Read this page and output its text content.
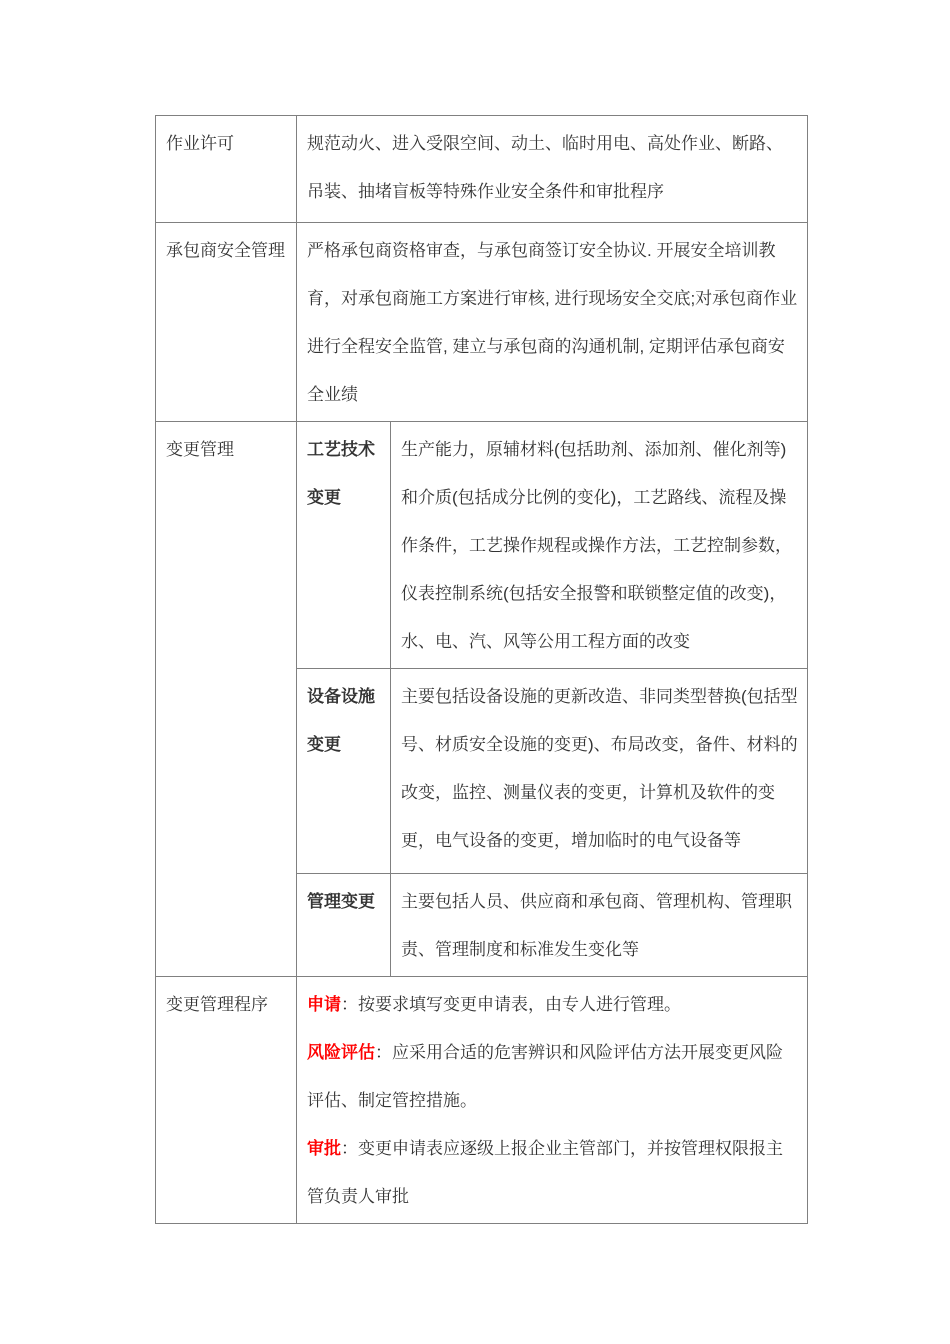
作业许可	规范动火、进入受限空间、动土、临时用电、高处作业、断路、吊装、抽堵盲板等特殊作业安全条件和审批程序	
承包商安全管理	严格承包商资格审查，与承包商签订安全协议. 开展安全培训教育，对承包商施工方案进行审核, 进行现场安全交底;对承包商作业进行全程安全监管, 建立与承包商的沟通机制, 定期评估承包商安全业绩	
变更管理	工艺技术变更	生产能力，原辅材料(包括助剂、添加剂、催化剂等)和介质(包括成分比例的变化)，工艺路线、流程及操作条件，工艺操作规程或操作方法，工艺控制参数，仪表控制系统(包括安全报警和联锁整定值的改变)，水、电、汽、风等公用工程方面的改变
	设备设施变更	主要包括设备设施的更新改造、非同类型替换(包括型号、材质安全设施的变更)、布局改变，备件、材料的改变，监控、测量仪表的变更，计算机及软件的变更，电气设备的变更，增加临时的电气设备等
	管理变更	主要包括人员、供应商和承包商、管理机构、管理职责、管理制度和标准发生变化等
变更管理程序	申请：按要求填写变更申请表，由专人进行管理。

风险评估：应采用合适的危害辨识和风险评估方法开展变更风险评估、制定管控措施。

审批：变更申请表应逐级上报企业主管部门，并按管理权限报主管负责人审批	
